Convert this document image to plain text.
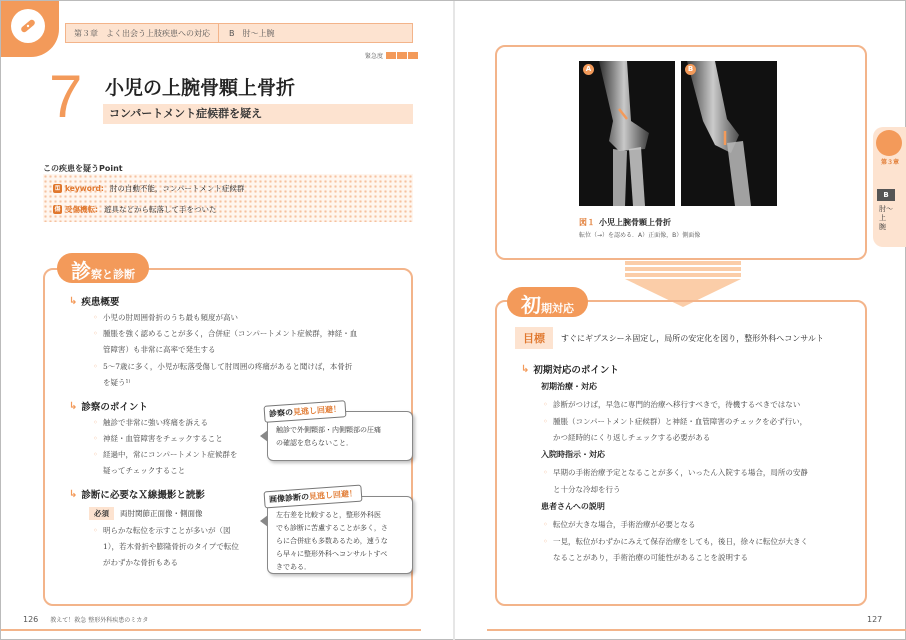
第３章　よく出会う上肢疾患への対応	B　肘〜上腕
緊急度
7 小児の上腕骨顆上骨折
コンパートメント症候群を疑え
この疾患を疑うPoint
⚿ keyword : 肘の自動不能，コンパートメント症候群
傷 受傷機転 : 遊具などから転落して手をついた
診 察と診断
↳ 疾患概要
◦ 小児の肘周囲骨折のうち最も頻度が高い
◦ 腫脹を強く認めることが多く，合併症（コンパートメント症候群，神経・血
管障害）も非常に高率で発生する
◦ 5〜7歳に多く，小児が転落受傷して肘周囲の疼痛があると聞けば，本骨折
を疑う¹⁾
↳ 診察のポイント
◦ 触診で非常に強い疼痛を訴える
◦ 神経・血管障害をチェックすること
◦ 経過中，常にコンパートメント症候群を
疑ってチェックすること
↳ 診断に必要なＸ線撮影と読影
必須	両肘関節正面像・側面像
◦ 明らかな転位を示すことが多いが（図
1），若木骨折や膨隆骨折のタイプで転位
がわずかな骨折もある
診察の見逃し回避！
触診で外側顆部・内側顆部の圧痛
の確認を怠らないこと．
画像診断の見逃し回避！
左右差を比較すると，整形外科医
でも診断に苦慮することが多く，さ
らに合併症も多数あるため，速うな
ら早々に整形外科へコンサルトすべ
きである．
A	B
図１ 小児上腕骨顆上骨折
転位（→）を認める．A）正面像，B）側面像
初 期対応
目標	すぐにギプスシーネ固定し，局所の安定化を図り，整形外科へコンサルト
↳ 初期対応のポイント
初期治療・対応
◦ 診断がつけば，早急に専門的治療へ移行すべきで，待機するべきではない
◦ 腫脹（コンパートメント症候群）と神経・血管障害のチェックを必ず行い，
かつ経時的にくり返しチェックする必要がある
入院時指示・対応
◦ 早期の手術治療予定となることが多く，いったん入院する場合，局所の安静
と十分な冷却を行う
患者さんへの説明
◦ 転位が大きな場合，手術治療が必要となる
◦ 一見，転位がわずかにみえて保存治療をしても，後日，徐々に転位が大きく
なることがあり，手術治療の可能性があることを説明する
第３章
B
肘〜上腕
126 教えて！救急 整形外科疾患のミカタ	127
